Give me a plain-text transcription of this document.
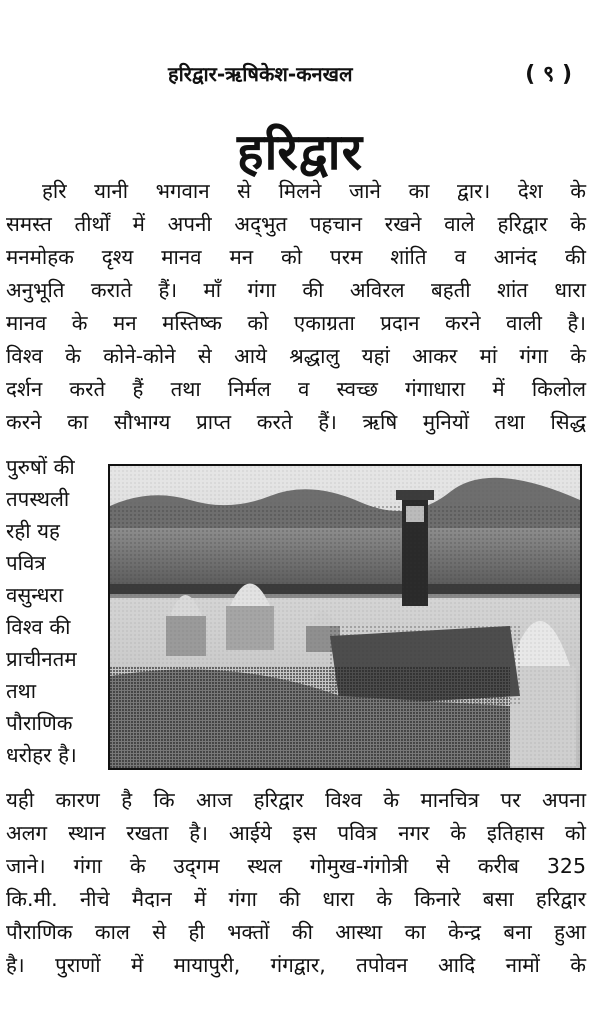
हरिद्वार-ऋषिकेश-कनखल	( ९ )
हरिद्वार
हरि यानी भगवान से मिलने जाने का द्वार। देश के
समस्त तीर्थों में अपनी अद्‌भुत पहचान रखने वाले हरिद्वार के
मनमोहक दृश्य मानव मन को परम शांति व आनंद की
अनुभूति कराते हैं। माँ गंगा की अविरल बहती शांत धारा
मानव के मन मस्तिष्क को एकाग्रता प्रदान करने वाली है।
विश्व के कोने-कोने से आये श्रद्धालु यहां आकर मां गंगा के
दर्शन करते हैं तथा निर्मल व स्वच्छ गंगाधारा में किलोल
करने का सौभाग्य प्राप्त करते हैं। ऋषि मुनियों तथा सिद्ध
पुरुषों की
तपस्थली
रही यह
पवित्र
वसुन्धरा
विश्व की
प्राचीनतम
तथा
पौराणिक
धरोहर है।
यही कारण है कि आज हरिद्वार विश्व के मानचित्र पर अपना
अलग स्थान रखता है। आईये इस पवित्र नगर के इतिहास को
जाने। गंगा के उद्‌गम स्थल गोमुख-गंगोत्री से करीब 325
कि.मी. नीचे मैदान में गंगा की धारा के किनारे बसा हरिद्वार
पौराणिक काल से ही भक्तों की आस्था का केन्द्र बना हुआ
है। पुराणों में मायापुरी, गंगद्वार, तपोवन आदि नामों के
